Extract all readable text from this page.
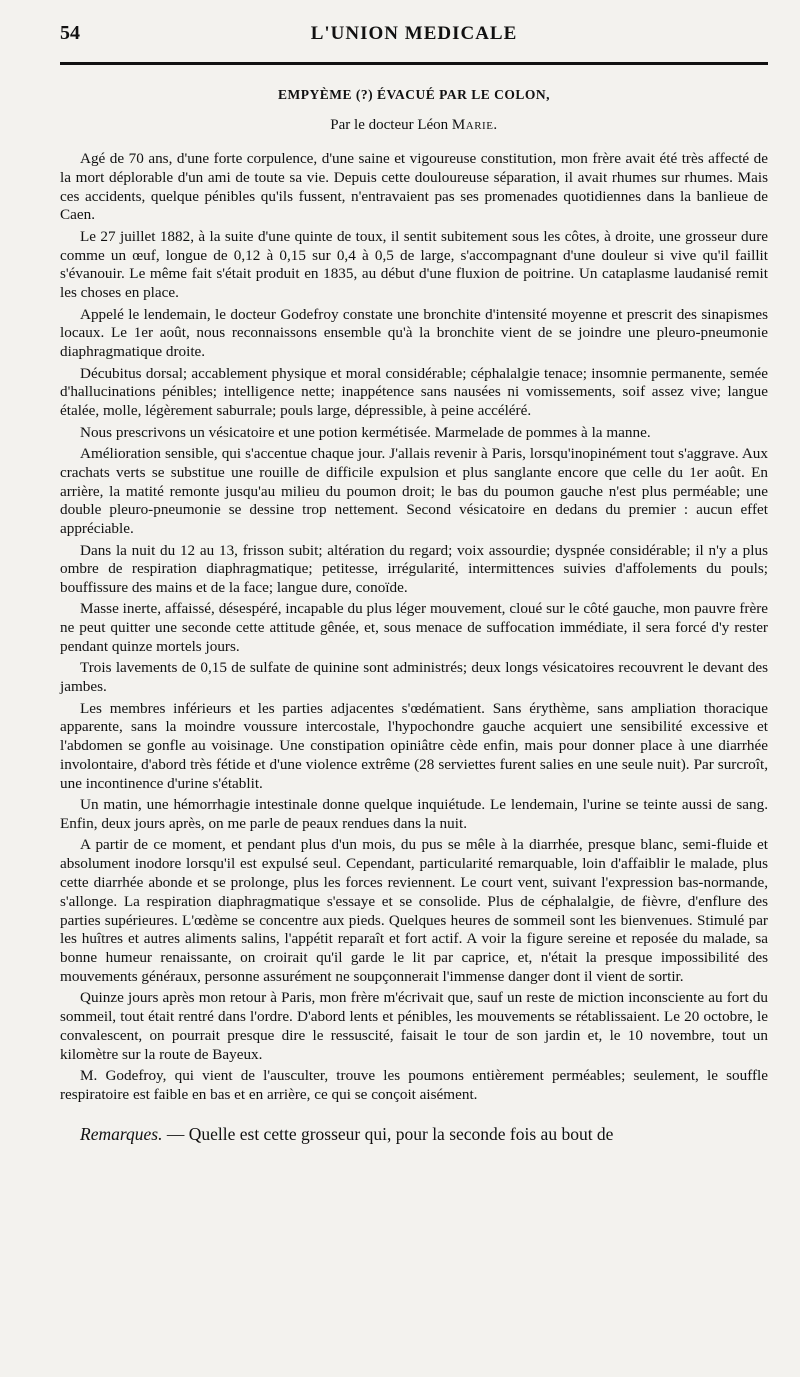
54	L'UNION MEDICALE
EMPYÈME (?) ÉVACUÉ PAR LE COLON,
Par le docteur Léon Marie.

Agé de 70 ans, d'une forte corpulence, d'une saine et vigoureuse constitution, mon frère avait été très affecté de la mort déplorable d'un ami de toute sa vie. Depuis cette douloureuse séparation, il avait rhumes sur rhumes. Mais ces accidents, quelque pénibles qu'ils fussent, n'entravaient pas ses promenades quotidiennes dans la banlieue de Caen.

Le 27 juillet 1882, à la suite d'une quinte de toux, il sentit subitement sous les côtes, à droite, une grosseur dure comme un œuf, longue de 0,12 à 0,15 sur 0,4 à 0,5 de large, s'accompagnant d'une douleur si vive qu'il faillit s'évanouir. Le même fait s'était produit en 1835, au début d'une fluxion de poitrine. Un cataplasme laudanisé remit les choses en place.

Appelé le lendemain, le docteur Godefroy constate une bronchite d'intensité moyenne et prescrit des sinapismes locaux. Le 1er août, nous reconnaissons ensemble qu'à la bronchite vient de se joindre une pleuro-pneumonie diaphragmatique droite.

Décubitus dorsal; accablement physique et moral considérable; céphalalgie tenace; insomnie permanente, semée d'hallucinations pénibles; intelligence nette; inappétence sans nausées ni vomissements, soif assez vive; langue étalée, molle, légèrement saburrale; pouls large, dépressible, à peine accéléré.

Nous prescrivons un vésicatoire et une potion kermétisée. Marmelade de pommes à la manne.

Amélioration sensible, qui s'accentue chaque jour. J'allais revenir à Paris, lorsqu'inopinément tout s'aggrave. Aux crachats verts se substitue une rouille de difficile expulsion et plus sanglante encore que celle du 1er août. En arrière, la matité remonte jusqu'au milieu du poumon droit; le bas du poumon gauche n'est plus perméable; une double pleuro-pneumonie se dessine trop nettement. Second vésicatoire en dedans du premier : aucun effet appréciable.

Dans la nuit du 12 au 13, frisson subit; altération du regard; voix assourdie; dyspnée considérable; il n'y a plus ombre de respiration diaphragmatique; petitesse, irrégularité, intermittences suivies d'affolements du pouls; bouffissure des mains et de la face; langue dure, conoïde.

Masse inerte, affaissé, désespéré, incapable du plus léger mouvement, cloué sur le côté gauche, mon pauvre frère ne peut quitter une seconde cette attitude gênée, et, sous menace de suffocation immédiate, il sera forcé d'y rester pendant quinze mortels jours.

Trois lavements de 0,15 de sulfate de quinine sont administrés; deux longs vésicatoires recouvrent le devant des jambes.

Les membres inférieurs et les parties adjacentes s'œdématient. Sans érythème, sans ampliation thoracique apparente, sans la moindre voussure intercostale, l'hypochondre gauche acquiert une sensibilité excessive et l'abdomen se gonfle au voisinage. Une constipation opiniâtre cède enfin, mais pour donner place à une diarrhée involontaire, d'abord très fétide et d'une violence extrême (28 serviettes furent salies en une seule nuit). Par surcroît, une incontinence d'urine s'établit.

Un matin, une hémorrhagie intestinale donne quelque inquiétude. Le lendemain, l'urine se teinte aussi de sang. Enfin, deux jours après, on me parle de peaux rendues dans la nuit.

A partir de ce moment, et pendant plus d'un mois, du pus se mêle à la diarrhée, presque blanc, semi-fluide et absolument inodore lorsqu'il est expulsé seul. Cependant, particularité remarquable, loin d'affaiblir le malade, plus cette diarrhée abonde et se prolonge, plus les forces reviennent. Le court vent, suivant l'expression bas-normande, s'allonge. La respiration diaphragmatique s'essaye et se consolide. Plus de céphalalgie, de fièvre, d'enflure des parties supérieures. L'œdème se concentre aux pieds. Quelques heures de sommeil sont les bienvenues. Stimulé par les huîtres et autres aliments salins, l'appétit reparaît et fort actif. A voir la figure sereine et reposée du malade, sa bonne humeur renaissante, on croirait qu'il garde le lit par caprice, et, n'était la presque impossibilité des mouvements généraux, personne assurément ne soupçonnerait l'immense danger dont il vient de sortir.

Quinze jours après mon retour à Paris, mon frère m'écrivait que, sauf un reste de miction inconsciente au fort du sommeil, tout était rentré dans l'ordre. D'abord lents et pénibles, les mouvements se rétablissaient. Le 20 octobre, le convalescent, on pourrait presque dire le ressuscité, faisait le tour de son jardin et, le 10 novembre, tout un kilomètre sur la route de Bayeux.

M. Godefroy, qui vient de l'ausculter, trouve les poumons entièrement perméables; seulement, le souffle respiratoire est faible en bas et en arrière, ce qui se conçoit aisément.

Remarques. — Quelle est cette grosseur qui, pour la seconde fois au bout de
